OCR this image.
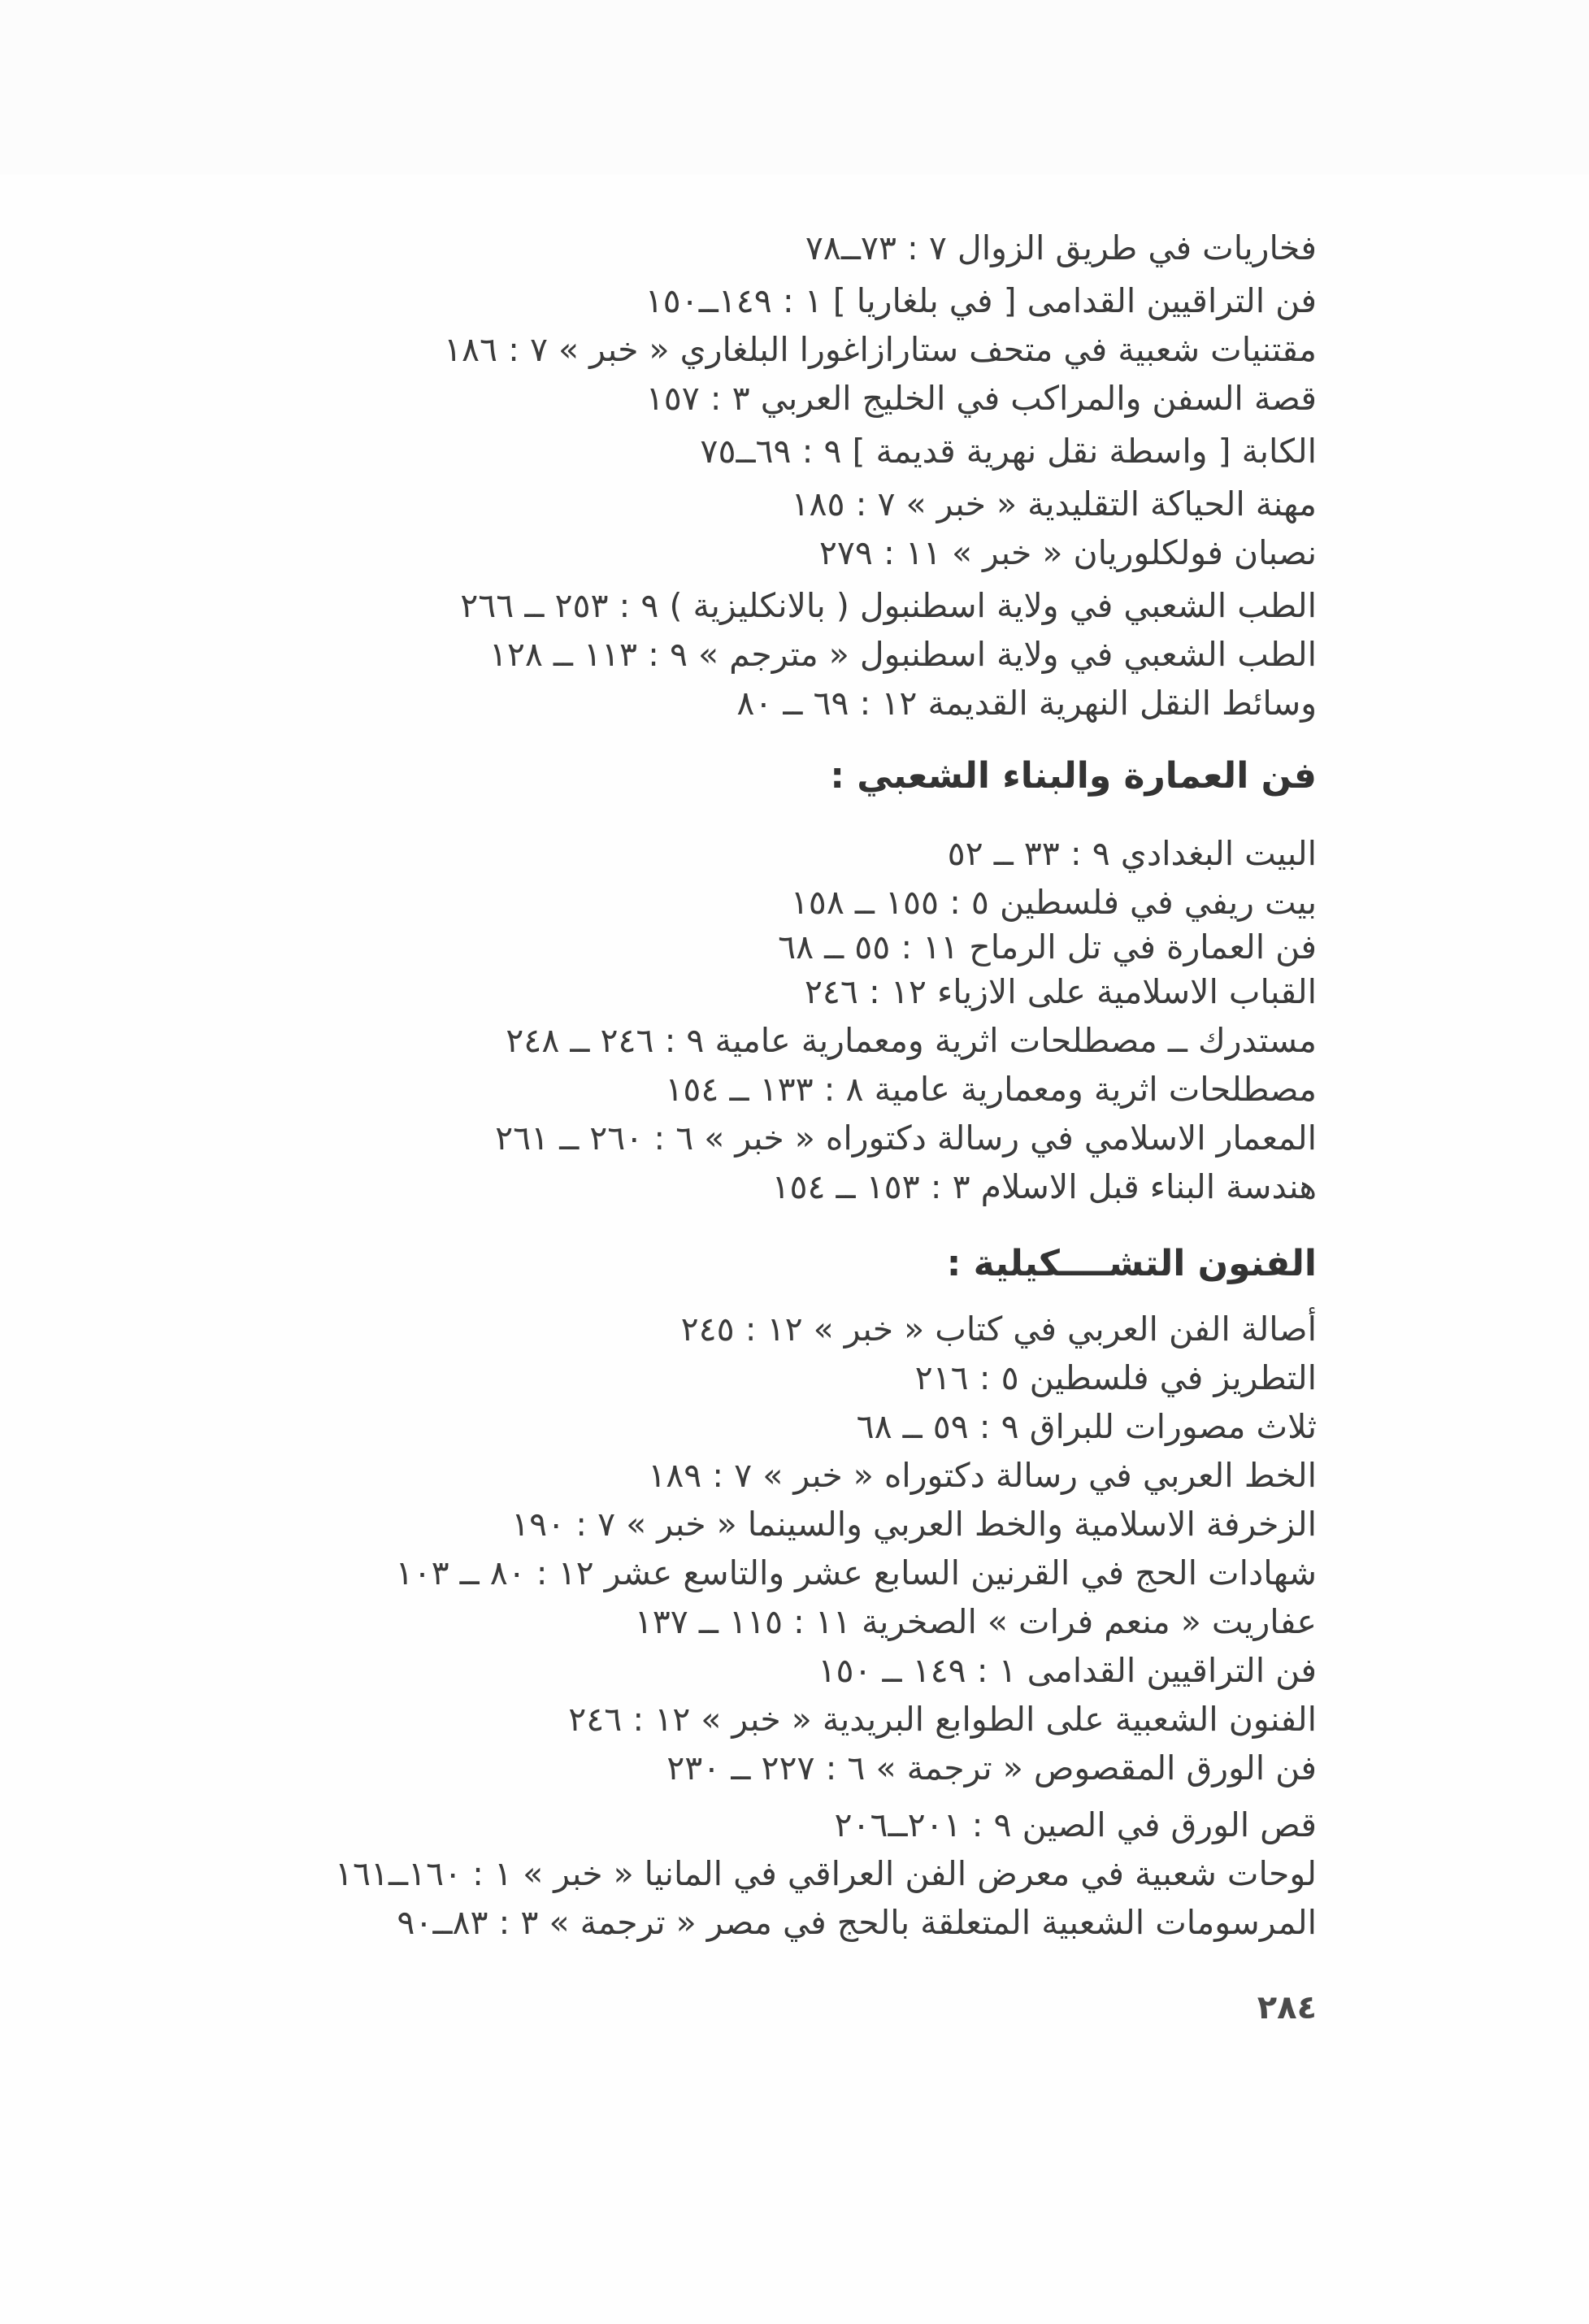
فخاريات في طريق الزوال ٧ : ٧٣ــ٧٨
فن التراقيين القدامى [ في بلغاريا ] ١ : ١٤٩ــ١٥٠
مقتنيات شعبية في متحف ستارازاغورا البلغاري « خبر » ٧ : ١٨٦
قصة السفن والمراكب في الخليج العربي ٣ : ١٥٧
الكابة [ واسطة نقل نهرية قديمة ] ٩ : ٦٩ــ٧٥
مهنة الحياكة التقليدية « خبر » ٧ : ١٨٥
نصبان فولكلوريان « خبر » ١١ : ٢٧٩
الطب الشعبي في ولاية اسطنبول ( بالانكليزية ) ٩ : ٢٥٣ ــ ٢٦٦
الطب الشعبي في ولاية اسطنبول « مترجم » ٩ : ١١٣ ــ ١٢٨
وسائط النقل النهرية القديمة ١٢ : ٦٩ ــ ٨٠
فن العمارة والبناء الشعبي :
البيت البغدادي ٩ : ٣٣ ــ ٥٢
بيت ريفي في فلسطين ٥ : ١٥٥ ــ ١٥٨
فن العمارة في تل الرماح ١١ : ٥٥ ــ ٦٨
القباب الاسلامية على الازياء ١٢ : ٢٤٦
مستدرك ــ مصطلحات اثرية ومعمارية عامية ٩ : ٢٤٦ ــ ٢٤٨
مصطلحات اثرية ومعمارية عامية ٨ : ١٣٣ ــ ١٥٤
المعمار الاسلامي في رسالة دكتوراه « خبر » ٦ : ٢٦٠ ــ ٢٦١
هندسة البناء قبل الاسلام ٣ : ١٥٣ ــ ١٥٤
الفنون التشــــكيلية :
أصالة الفن العربي في كتاب « خبر » ١٢ : ٢٤٥
التطريز في فلسطين ٥ : ٢١٦
ثلاث مصورات للبراق ٩ : ٥٩ ــ ٦٨
الخط العربي في رسالة دكتوراه « خبر » ٧ : ١٨٩
الزخرفة الاسلامية والخط العربي والسينما « خبر » ٧ : ١٩٠
شهادات الحج في القرنين السابع عشر والتاسع عشر ١٢ : ٨٠ ــ ١٠٣
عفاريت « منعم فرات » الصخرية ١١ : ١١٥ ــ ١٣٧
فن التراقيين القدامى ١ : ١٤٩ ــ ١٥٠
الفنون الشعبية على الطوابع البريدية « خبر » ١٢ : ٢٤٦
فن الورق المقصوص « ترجمة » ٦ : ٢٢٧ ــ ٢٣٠
قص الورق في الصين ٩ : ٢٠١ــ٢٠٦
لوحات شعبية في معرض الفن العراقي في المانيا « خبر » ١ : ١٦٠ــ١٦١
المرسومات الشعبية المتعلقة بالحج في مصر « ترجمة » ٣ : ٨٣ــ٩٠
٢٨٤
